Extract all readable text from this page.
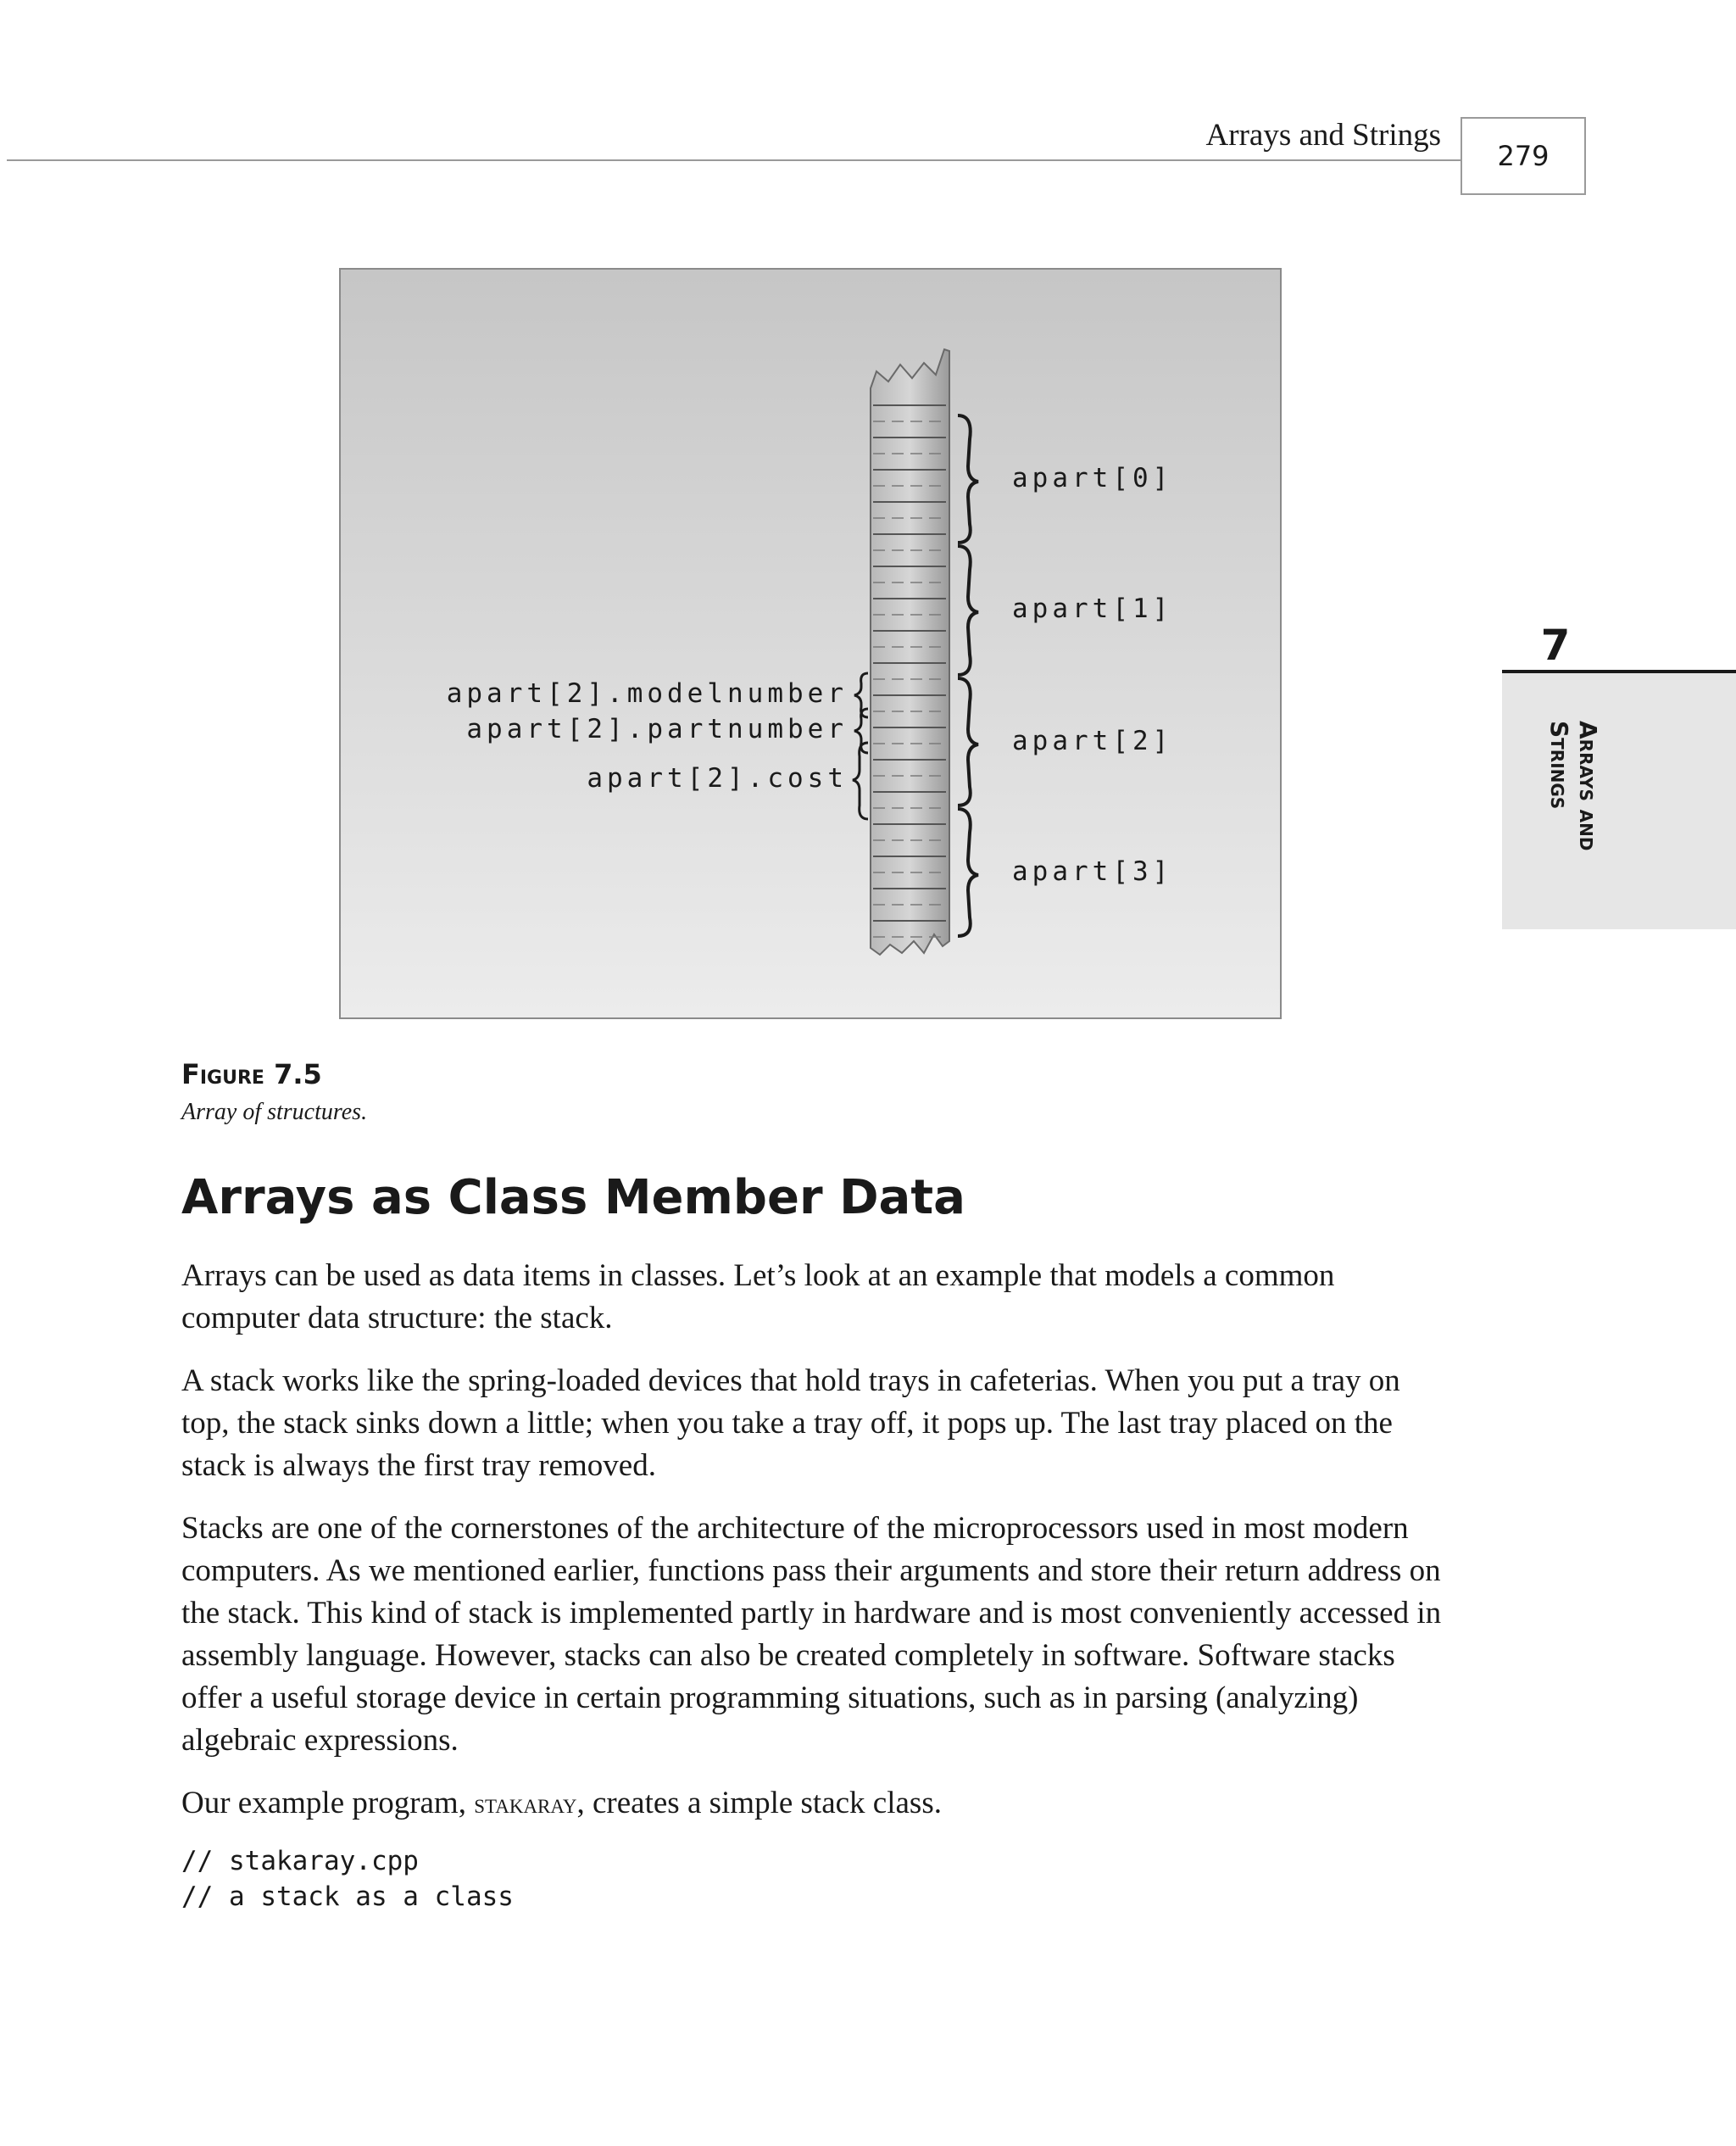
Arrays and Strings
279
7
Arrays and
Strings
apart[0]
apart[1]
apart[2]
apart[3]
apart[2].modelnumber
apart[2].partnumber
apart[2].cost
Figure 7.5
Array of structures.
Arrays as Class Member Data

Arrays can be used as data items in classes. Let’s look at an example that models a common computer data structure: the stack.

A stack works like the spring-loaded devices that hold trays in cafeterias. When you put a tray on top, the stack sinks down a little; when you take a tray off, it pops up. The last tray placed on the stack is always the first tray removed.

Stacks are one of the cornerstones of the architecture of the microprocessors used in most modern computers. As we mentioned earlier, functions pass their arguments and store their return address on the stack. This kind of stack is implemented partly in hardware and is most conveniently accessed in assembly language. However, stacks can also be created completely in software. Software stacks offer a useful storage device in certain programming situations, such as in parsing (analyzing) algebraic expressions.

Our example program, stakaray, creates a simple stack class.

// stakaray.cpp
// a stack as a class
